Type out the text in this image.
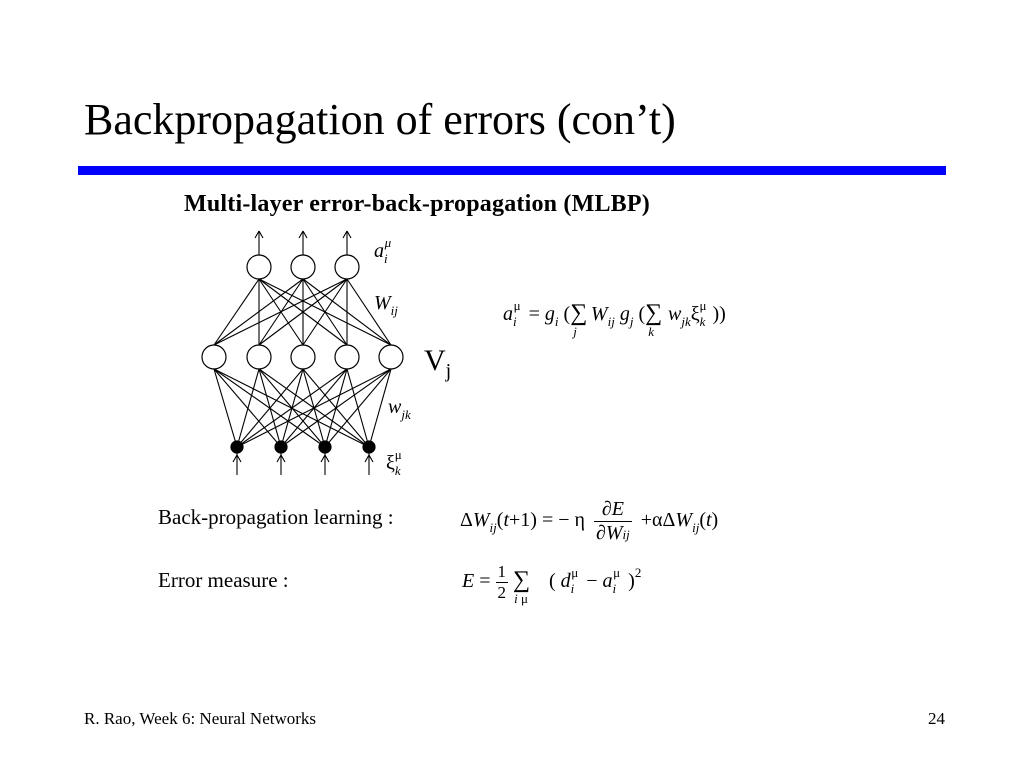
Backpropagation of errors (con’t)
Multi-layer error-back-propagation (MLBP)
$a_i^\mu$
$W_{ij}$
$V_j$
$w_{jk}$
$\xi_k^\mu$
$a_i^\mu = g_i$ ($\sum_jW_{ij}$ $g_j$ ($\sum_kw_{jk}\xi_k^\mu$ ))
Back-propagation learning :	$\Delta W_{ij}(t+1)$ = − η $\frac{\partial E}{\text{∂Wij}} +\alpha\Delta W_{ij}(t)$
Error measure :	$E = \frac{1}{2} \sum_{i \mu}$ ( $d_i^\mu - a_i^\mu$ )$^2$
R. Rao, Week 6: Neural Networks	24
